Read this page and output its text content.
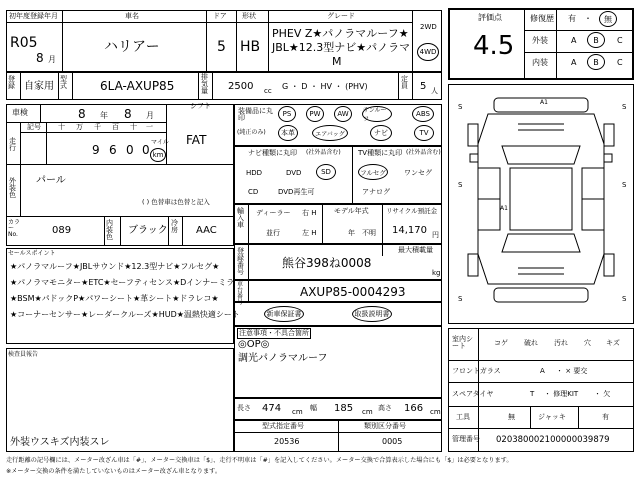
初年度登録年月	車名	ドア 形状	グレード
R05
8 月
ハリアー	5 HB
PHEV Z★パノラマルーフ★
JBL★12.3型ナビ★パノラマ
M
2WD
4WD
評価点
4.5
修復歴 有 ・	無
外装	A	B	C
内装	A	B	C
登録 自家用
型式	6LA-AXUP85
排気量	2500 cc G ・ D ・ HV ・ (PHV)
定員	5 人
車検	8 年 8 月
シフト
FAT
走行
記号 十 万 千 百 十 一
9 6 0 0
マイル
km
外装色
パール
( ) 色替車は色替と記入
カラーNo.	089
内装色
ブラック
冷房	AAC
装備品に丸印
(純正のみ)
PS	PW	AW	サンルーフ
ABS
本革	エアバッグ	ナビ	TV
ナビ種類に丸印 (社外品含む)
HDD	DVD	SD
CD	DVD再生可
TV種類に丸印 (社外品含む)
フルセグ	ワンセグ
アナログ
輸入車
ディーラー
並行
右 H
左 H
モデル年式
年 不明
リサイクル預託金
14,170 円
登録番号
熊谷398ね0008
最大積載量
kg
車台番号
AXUP85-0004293
新車保証書	取扱説明書
注意事項・不具合箇所
◎OP◎
調光パノラマルーフ
長さ 474 cm 幅 185 cm 高さ 166 cm
型式指定番号
20536
類別区分番号
0005
セールスポイント
★パノラマルーフ★JBLサウンド★12.3型ナビ★フルセグ★
★パノラマモニター★ETC★セーフティセンス★Dインナーミラ
★BSM★パドックP★パワーシート★革シート★ドラレコ★
★コーナーセンサー★レーダークルーズ★HUD★温熱快適シート
検査員報告
外装ウスキズ内装スレ
S	S
S	S
S	S
A1
A1
室内シート	コゲ 破れ 汚れ 穴 キズ
フロントガラス	A ・ × 要交
スペアタイヤ	T ・ 修理KIT ・ 欠
工具	無	ジャッキ	有
管理番号 020380002100000039879
走行距離の記号欄には、メーター改ざん車は「#」、メーター交換車は「$」、走行不明車は「#」を記入してください。メーター交換で合算表示した場合にも「$」は必要となります。
※メーター交換の条件を満たしていないものはメーター改ざん車となります。
